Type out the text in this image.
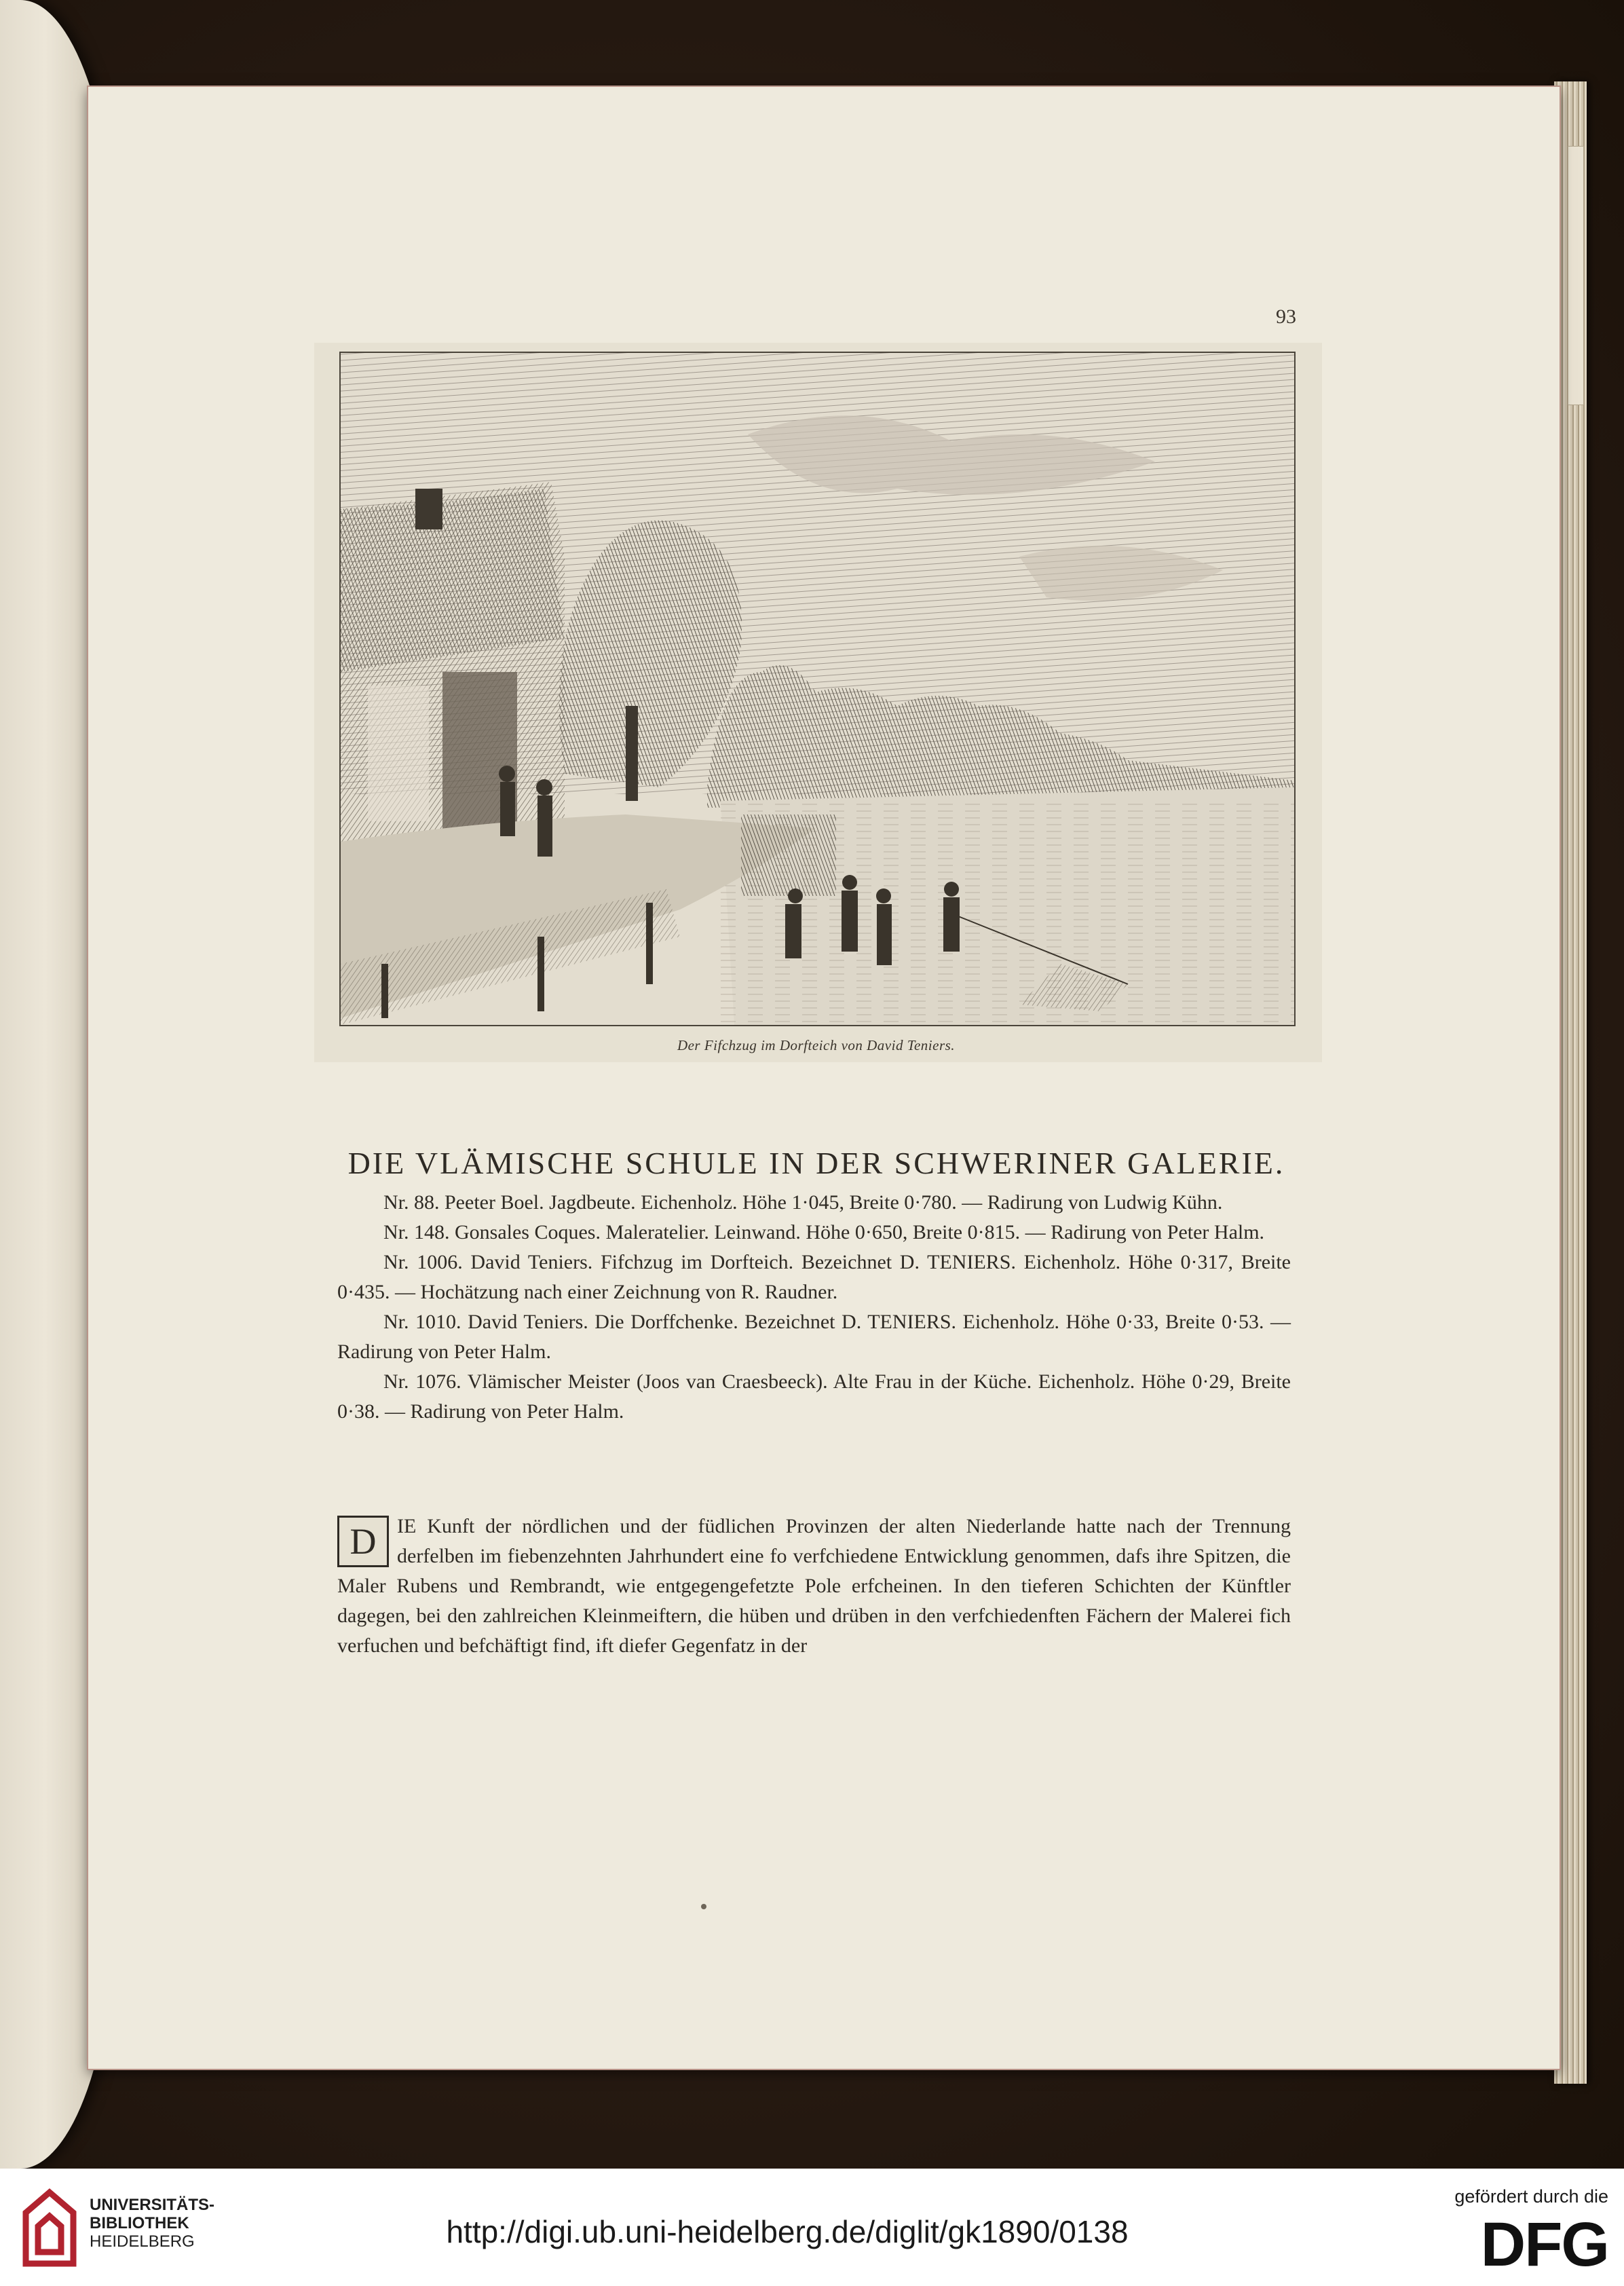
93
Der Fifchzug im Dorfteich von David Teniers.
DIE VLÄMISCHE SCHULE IN DER SCHWERINER GALERIE.

Nr. 88. Peeter Boel. Jagdbeute. Eichenholz. Höhe 1·045, Breite 0·780. — Radirung von Ludwig Kühn.

Nr. 148. Gonsales Coques. Maleratelier. Leinwand. Höhe 0·650, Breite 0·815. — Radirung von Peter Halm.

Nr. 1006. David Teniers. Fifchzug im Dorfteich. Bezeichnet D. TENIERS. Eichenholz. Höhe 0·317, Breite 0·435. — Hochätzung nach einer Zeichnung von R. Raudner.

Nr. 1010. David Teniers. Die Dorffchenke. Bezeichnet D. TENIERS. Eichenholz. Höhe 0·33, Breite 0·53. — Radirung von Peter Halm.

Nr. 1076. Vlämischer Meister (Joos van Craesbeeck). Alte Frau in der Küche. Eichenholz. Höhe 0·29, Breite 0·38. — Radirung von Peter Halm.

D	IE Kunft der nördlichen und der füdlichen Provinzen der alten Niederlande hatte nach der Trennung derfelben im fiebenzehnten Jahrhundert eine fo verfchiedene Entwicklung genommen, dafs ihre Spitzen, die Maler Rubens und Rembrandt, wie entgegengefetzte Pole erfcheinen. In den tieferen Schichten der Künftler dagegen, bei den zahlreichen Kleinmeiftern, die hüben und drüben in den verfchiedenften Fächern der Malerei fich verfuchen und befchäftigt find, ift diefer Gegenfatz in der
UNIVERSITÄTS-
BIBLIOTHEK
HEIDELBERG	http://digi.ub.uni-heidelberg.de/diglit/gk1890/0138
gefördert durch die
DFG
